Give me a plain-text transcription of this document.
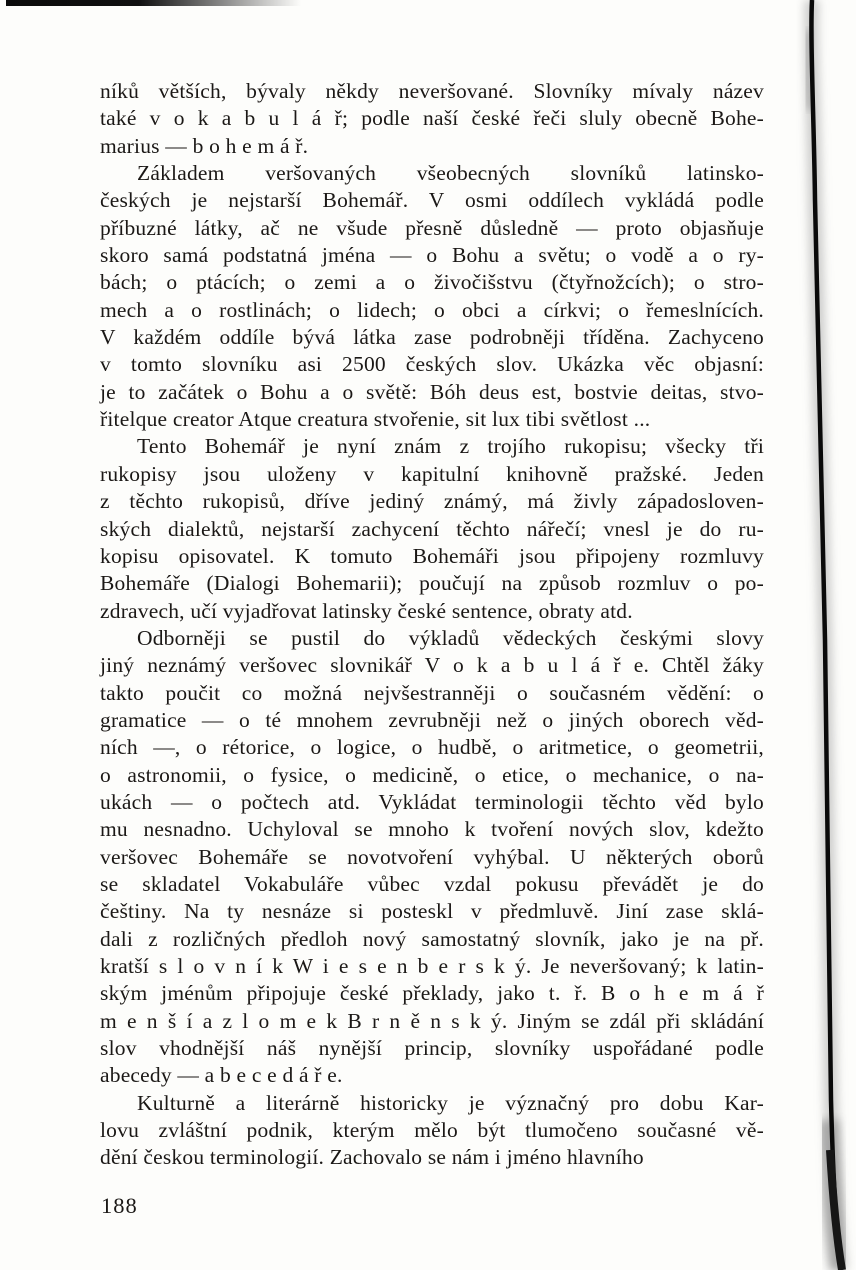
níků větších, bývaly někdy neveršované. Slovníky mívaly název
také v o k a b u l á ř; podle naší české řeči sluly obecně Bohe-
marius — b o h e m á ř.
Základem veršovaných všeobecných slovníků latinsko-
českých je nejstarší Bohemář. V osmi oddílech vykládá podle
příbuzné látky, ač ne všude přesně důsledně — proto objasňuje
skoro samá podstatná jména — o Bohu a světu; o vodě a o ry-
bách; o ptácích; o zemi a o živočišstvu (čtyřnožcích); o stro-
mech a o rostlinách; o lidech; o obci a církvi; o řemeslnících.
V každém oddíle bývá látka zase podrobněji tříděna. Zachyceno
v tomto slovníku asi 2500 českých slov. Ukázka věc objasní:
je to začátek o Bohu a o světě: Bóh deus est, bostvie deitas, stvo-
řitelque creator Atque creatura stvořenie, sit lux tibi světlost ...
Tento Bohemář je nyní znám z trojího rukopisu; všecky tři
rukopisy jsou uloženy v kapitulní knihovně pražské. Jeden
z těchto rukopisů, dříve jediný známý, má živly západosloven-
ských dialektů, nejstarší zachycení těchto nářečí; vnesl je do ru-
kopisu opisovatel. K tomuto Bohemáři jsou připojeny rozmluvy
Bohemáře (Dialogi Bohemarii); poučují na způsob rozmluv o po-
zdravech, učí vyjadřovat latinsky české sentence, obraty atd.
Odborněji se pustil do výkladů vědeckých českými slovy
jiný neznámý veršovec slovnikář V o k a b u l á ř e. Chtěl žáky
takto poučit co možná nejvšestranněji o současném vědění: o
gramatice — o té mnohem zevrubněji než o jiných oborech věd-
ních —, o rétorice, o logice, o hudbě, o aritmetice, o geometrii,
o astronomii, o fysice, o medicině, o etice, o mechanice, o na-
ukách — o počtech atd. Vykládat terminologii těchto věd bylo
mu nesnadno. Uchyloval se mnoho k tvoření nových slov, kdežto
veršovec Bohemáře se novotvoření vyhýbal. U některých oborů
se skladatel Vokabuláře vůbec vzdal pokusu převádět je do
češtiny. Na ty nesnáze si posteskl v předmluvě. Jiní zase sklá-
dali z rozličných předloh nový samostatný slovník, jako je na př.
kratší s l o v n í k W i e s e n b e r s k ý. Je neveršovaný; k latin-
ským jménům připojuje české překlady, jako t. ř. B o h e m á ř
m e n š í a z l o m e k B r n ě n s k ý. Jiným se zdál při skládání
slov vhodnější náš nynější princip, slovníky uspořádané podle
abecedy — a b e c e d á ř e.
Kulturně a literárně historicky je význačný pro dobu Kar-
lovu zvláštní podnik, kterým mělo být tlumočeno současné vě-
dění českou terminologií. Zachovalo se nám i jméno hlavního
188
